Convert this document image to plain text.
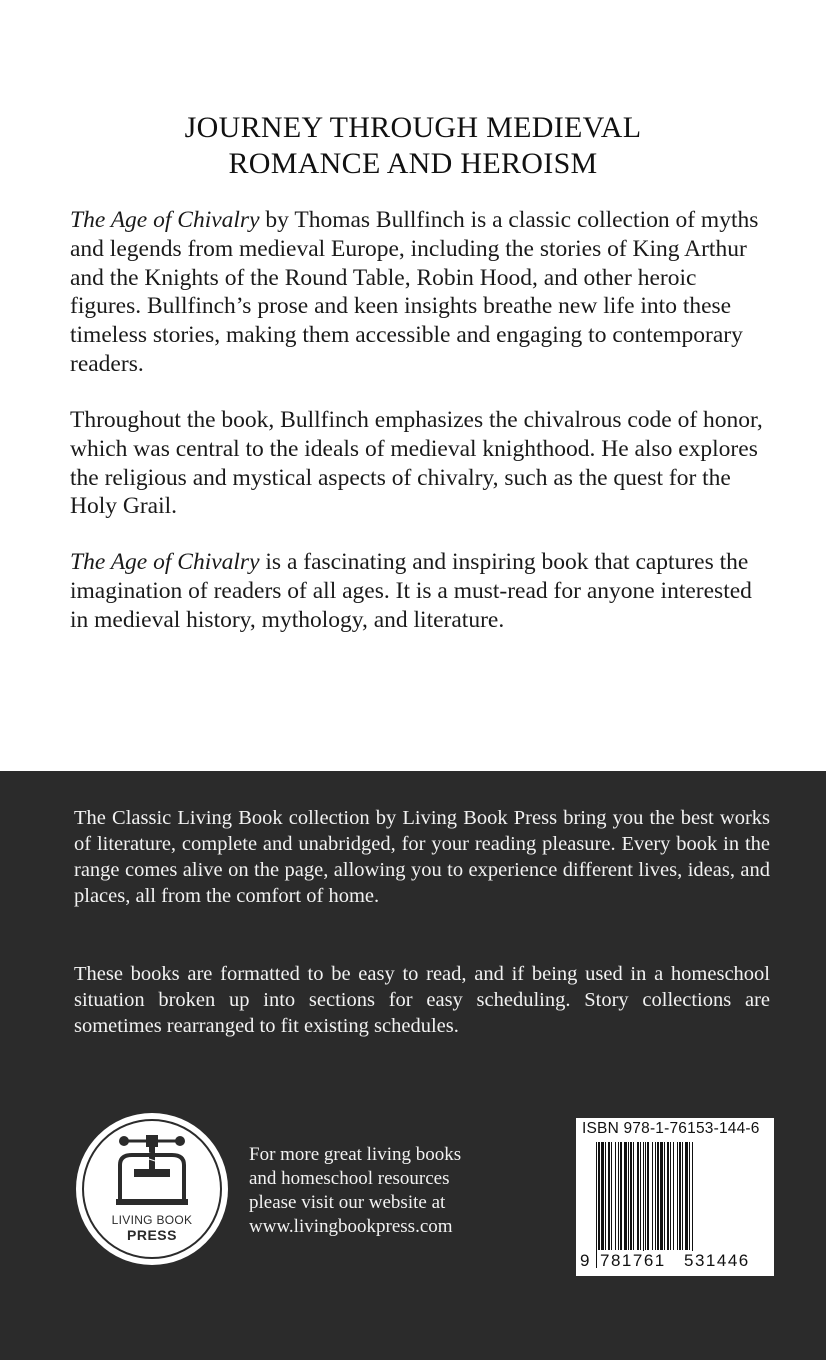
JOURNEY THROUGH MEDIEVAL
ROMANCE AND HEROISM
The Age of Chivalry by Thomas Bullfinch is a classic collection of myths and legends from medieval Europe, including the stories of King Arthur and the Knights of the Round Table, Robin Hood, and other heroic figures. Bullfinch’s prose and keen insights breathe new life into these timeless stories, making them accessible and engaging to contemporary readers.
Throughout the book, Bullfinch emphasizes the chivalrous code of honor, which was central to the ideals of medieval knighthood. He also explores the religious and mystical aspects of chivalry, such as the quest for the Holy Grail.
The Age of Chivalry is a fascinating and inspiring book that captures the imagination of readers of all ages. It is a must-read for anyone interested in medieval history, mythology, and literature.
The Classic Living Book collection by Living Book Press bring you the best works of literature, complete and unabridged, for your reading pleasure. Every book in the range comes alive on the page, allowing you to experience different lives, ideas, and places, all from the comfort of home.
These books are formatted to be easy to read, and if being used in a homeschool situation broken up into sections for easy scheduling. Story collections are sometimes rearranged to fit existing schedules.
LIVING BOOK
PRESS
For more great living books
and homeschool resources
please visit our website at
www.livingbookpress.com
ISBN 978-1-76153-144-6
9 781761 531446
